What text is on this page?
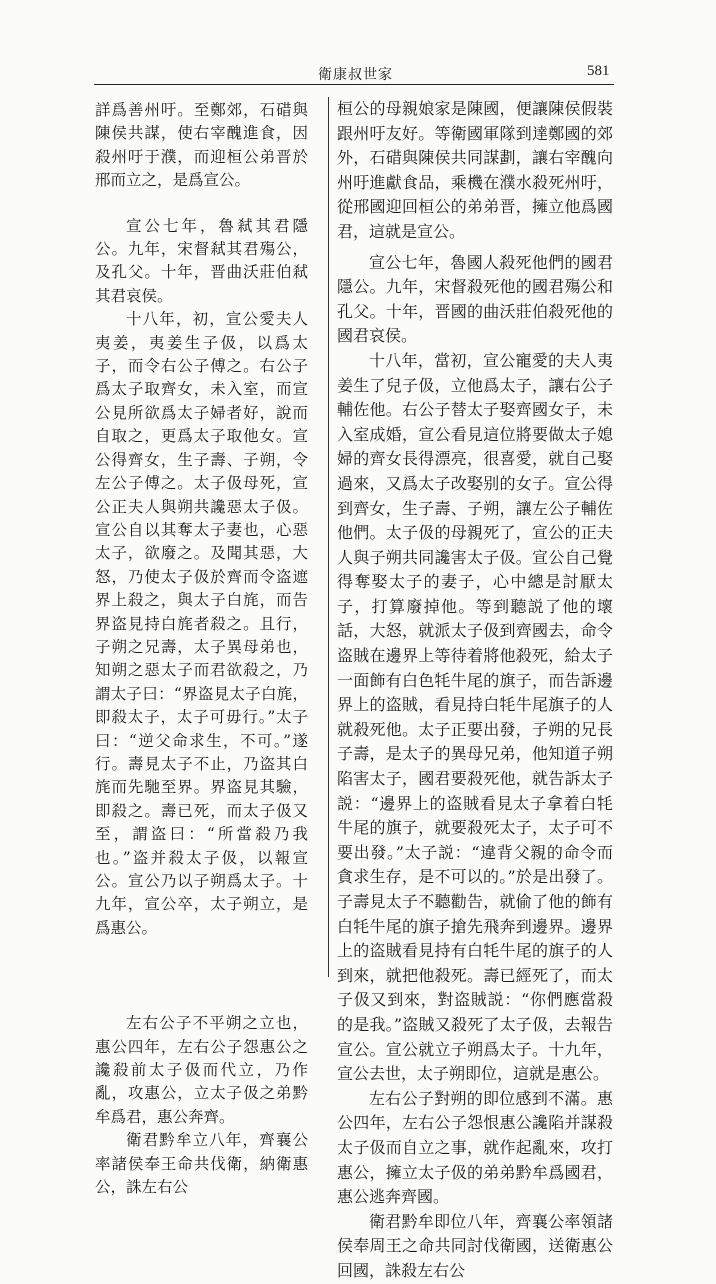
衛康叔世家	581

詳爲善州吁。至鄭郊，石碏與陳侯共謀，使右宰醜進食，因殺州吁于濮，而迎桓公弟晋於邢而立之，是爲宣公。

宣公七年，魯弒其君隱公。九年，宋督弒其君殤公，及孔父。十年，晋曲沃莊伯弒其君哀侯。

十八年，初，宣公愛夫人夷姜，夷姜生子伋，以爲太子，而令右公子傅之。右公子爲太子取齊女，未入室，而宣公見所欲爲太子婦者好，說而自取之，更爲太子取他女。宣公得齊女，生子壽、子朔，令左公子傅之。太子伋母死，宣公正夫人與朔共讒惡太子伋。宣公自以其奪太子妻也，心惡太子，欲廢之。及聞其惡，大怒，乃使太子伋於齊而令盗遮界上殺之，與太子白旄，而告界盗見持白旄者殺之。且行，子朔之兄壽，太子異母弟也，知朔之惡太子而君欲殺之，乃謂太子曰：“界盗見太子白旄，即殺太子，太子可毋行。”太子曰：“逆父命求生，不可。”遂行。壽見太子不止，乃盗其白旄而先馳至界。界盗見其驗，即殺之。壽已死，而太子伋又至，謂盗曰：“所當殺乃我也。”盗并殺太子伋，以報宣公。宣公乃以子朔爲太子。十九年，宣公卒，太子朔立，是爲惠公。

左右公子不平朔之立也，惠公四年，左右公子怨惠公之讒殺前太子伋而代立，乃作亂，攻惠公，立太子伋之弟黔牟爲君，惠公奔齊。

衛君黔牟立八年，齊襄公率諸侯奉王命共伐衛，納衛惠公，誅左右公

桓公的母親娘家是陳國，便讓陳侯假裝跟州吁友好。等衛國軍隊到達鄭國的郊外，石碏與陳侯共同謀劃，讓右宰醜向州吁進獻食品，乘機在濮水殺死州吁，從邢國迎回桓公的弟弟晋，擁立他爲國君，這就是宣公。

宣公七年，魯國人殺死他們的國君隱公。九年，宋督殺死他的國君殤公和孔父。十年，晋國的曲沃莊伯殺死他的國君哀侯。

十八年，當初，宣公寵愛的夫人夷姜生了兒子伋，立他爲太子，讓右公子輔佐他。右公子替太子娶齊國女子，未入室成婚，宣公看見這位將要做太子媳婦的齊女長得漂亮，很喜愛，就自己娶過來，又爲太子改娶别的女子。宣公得到齊女，生子壽、子朔，讓左公子輔佐他們。太子伋的母親死了，宣公的正夫人與子朔共同讒害太子伋。宣公自己覺得奪娶太子的妻子，心中總是討厭太子，打算廢掉他。等到聽説了他的壞話，大怒，就派太子伋到齊國去，命令盗賊在邊界上等待着將他殺死，給太子一面飾有白色牦牛尾的旗子，而告訴邊界上的盗賊，看見持白牦牛尾旗子的人就殺死他。太子正要出發，子朔的兄長子壽，是太子的異母兄弟，他知道子朔陷害太子，國君要殺死他，就告訴太子説：“邊界上的盗賊看見太子拿着白牦牛尾的旗子，就要殺死太子，太子可不要出發。”太子説：“違背父親的命令而貪求生存，是不可以的。”於是出發了。子壽見太子不聽勸告，就偷了他的飾有白牦牛尾的旗子搶先飛奔到邊界。邊界上的盗賊看見持有白牦牛尾的旗子的人到來，就把他殺死。壽已經死了，而太子伋又到來，對盗賊説：“你們應當殺的是我。”盗賊又殺死了太子伋，去報告宣公。宣公就立子朔爲太子。十九年，宣公去世，太子朔即位，這就是惠公。

左右公子對朔的即位感到不滿。惠公四年，左右公子怨恨惠公讒陷并謀殺太子伋而自立之事，就作起亂來，攻打惠公，擁立太子伋的弟弟黔牟爲國君，惠公逃奔齊國。

衛君黔牟即位八年，齊襄公率領諸侯奉周王之命共同討伐衛國，送衛惠公回國，誅殺左右公
